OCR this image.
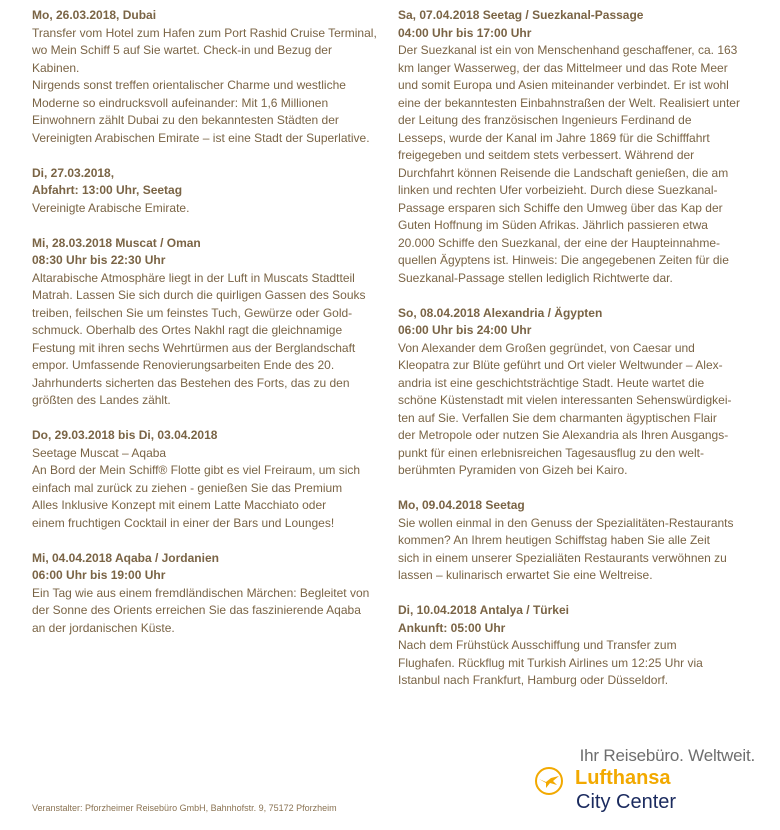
Mo, 26.03.2018, Dubai

Transfer vom Hotel zum Hafen zum Port Rashid Cruise Terminal,

wo Mein Schiff 5 auf Sie wartet. Check-in und Bezug der

Kabinen.

Nirgends sonst treffen orientalischer Charme und westliche

Moderne so eindrucksvoll aufeinander: Mit 1,6 Millionen

Einwohnern zählt Dubai zu den bekanntesten Städten der

Vereinigten Arabischen Emirate – ist eine Stadt der Superlative.

Di, 27.03.2018,

Abfahrt: 13:00 Uhr, Seetag

Vereinigte Arabische Emirate.

Mi, 28.03.2018 Muscat / Oman

08:30 Uhr bis 22:30 Uhr

Altarabische Atmosphäre liegt in der Luft in Muscats Stadtteil

Matrah. Lassen Sie sich durch die quirligen Gassen des Souks

treiben, feilschen Sie um feinstes Tuch, Gewürze oder Gold-

schmuck. Oberhalb des Ortes Nakhl ragt die gleichnamige

Festung mit ihren sechs Wehrtürmen aus der Berglandschaft

empor. Umfassende Renovierungsarbeiten Ende des 20.

Jahrhunderts sicherten das Bestehen des Forts, das zu den

größten des Landes zählt.

Do, 29.03.2018 bis Di, 03.04.2018

Seetage Muscat – Aqaba

An Bord der Mein Schiff® Flotte gibt es viel Freiraum, um sich

einfach mal zurück zu ziehen - genießen Sie das Premium

Alles Inklusive Konzept mit einem Latte Macchiato oder

einem fruchtigen Cocktail in einer der Bars und Lounges!

Mi, 04.04.2018 Aqaba / Jordanien

06:00 Uhr bis 19:00 Uhr

Ein Tag wie aus einem fremdländischen Märchen: Begleitet von

der Sonne des Orients erreichen Sie das faszinierende Aqaba

an der jordanischen Küste.

Sa, 07.04.2018 Seetag / Suezkanal-Passage

04:00 Uhr bis 17:00 Uhr

Der Suezkanal ist ein von Menschenhand geschaffener, ca. 163

km langer Wasserweg, der das Mittelmeer und das Rote Meer

und somit Europa und Asien miteinander verbindet. Er ist wohl

eine der bekanntesten Einbahnstraßen der Welt. Realisiert unter

der Leitung des französischen Ingenieurs Ferdinand de

Lesseps, wurde der Kanal im Jahre 1869 für die Schifffahrt

freigegeben und seitdem stets verbessert. Während der

Durchfahrt können Reisende die Landschaft genießen, die am

linken und rechten Ufer vorbeizieht. Durch diese Suezkanal-

Passage ersparen sich Schiffe den Umweg über das Kap der

Guten Hoffnung im Süden Afrikas. Jährlich passieren etwa

20.000 Schiffe den Suezkanal, der eine der Haupteinnahme-

quellen Ägyptens ist. Hinweis: Die angegebenen Zeiten für die

Suezkanal-Passage stellen lediglich Richtwerte dar.

So, 08.04.2018 Alexandria / Ägypten

06:00 Uhr bis 24:00 Uhr

Von Alexander dem Großen gegründet, von Caesar und

Kleopatra zur Blüte geführt und Ort vieler Weltwunder – Alex-

andria ist eine geschichtsträchtige Stadt. Heute wartet die

schöne Küstenstadt mit vielen interessanten Sehenswürdigkei-

ten auf Sie. Verfallen Sie dem charmanten ägyptischen Flair

der Metropole oder nutzen Sie Alexandria als Ihren Ausgangs-

punkt für einen erlebnisreichen Tagesausflug zu den welt-

berühmten Pyramiden von Gizeh bei Kairo.

Mo, 09.04.2018 Seetag

Sie wollen einmal in den Genuss der Spezialitäten-Restaurants

kommen? An Ihrem heutigen Schiffstag haben Sie alle Zeit

sich in einem unserer Spezialiäten Restaurants verwöhnen zu

lassen – kulinarisch erwartet Sie eine Weltreise.

Di, 10.04.2018 Antalya / Türkei

Ankunft: 05:00 Uhr

Nach dem Frühstück Ausschiffung und Transfer zum

Flughafen. Rückflug mit Turkish Airlines um 12:25 Uhr via

Istanbul nach Frankfurt, Hamburg oder Düsseldorf.

Veranstalter: Pforzheimer Reisebüro GmbH, Bahnhofstr. 9, 75172 Pforzheim
Ihr Reisebüro. Weltweit.
Lufthansa
City Center
